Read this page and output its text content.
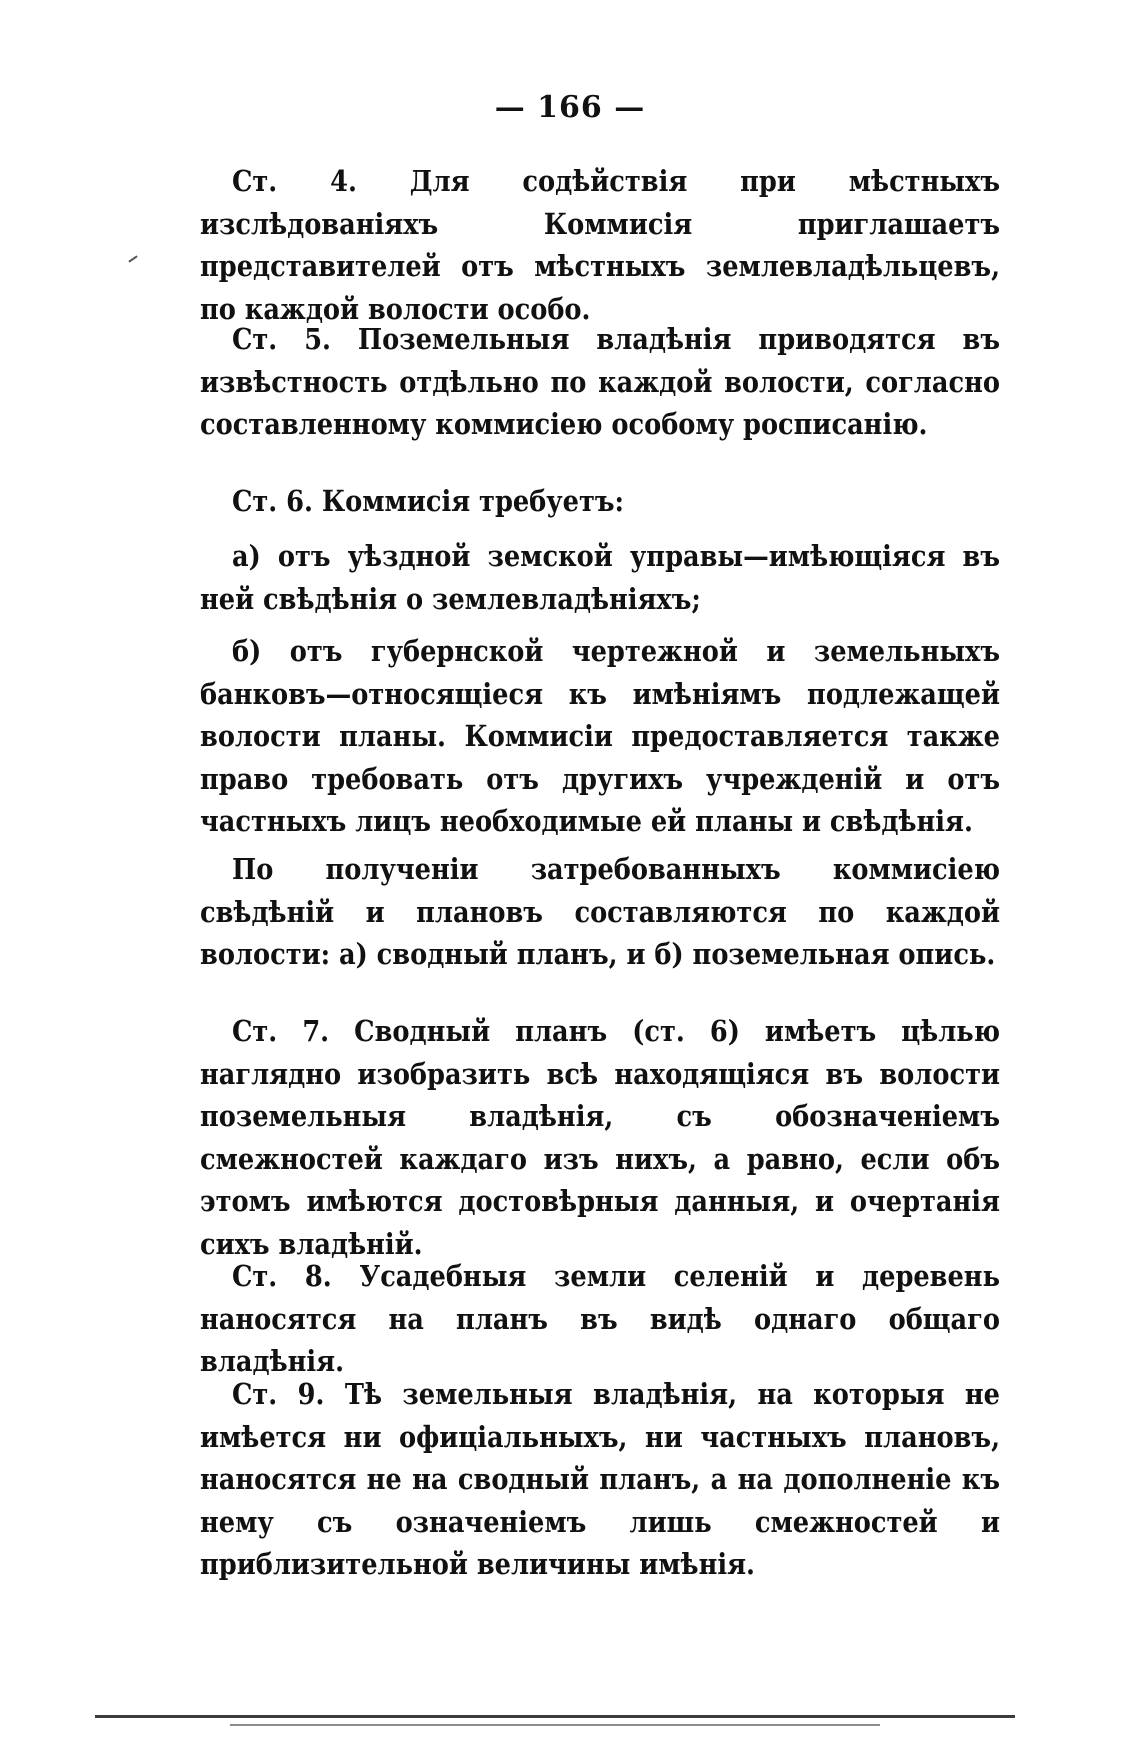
— 166 —
Ст. 4. Для содѣйствія при мѣстныхъ изслѣдованіяхъ Коммисія приглашаетъ представителей отъ мѣстныхъ землевладѣльцевъ, по каждой волости особо.
Ст. 5. Поземельныя владѣнія приводятся въ извѣстность отдѣльно по каждой волости, согласно составленному коммисіею особому росписанію.
Ст. 6. Коммисія требуетъ:
а) отъ уѣздной земской управы—имѣющіяся въ ней свѣдѣнія о землевладѣніяхъ;
б) отъ губернской чертежной и земельныхъ банковъ—относящіеся къ имѣніямъ подлежащей волости планы. Коммисіи предоставляется также право требовать отъ другихъ учрежденій и отъ частныхъ лицъ необходимые ей планы и свѣдѣнія.
По полученіи затребованныхъ коммисіею свѣдѣній и плановъ составляются по каждой волости: а) сводный планъ, и б) поземельная опись.
Ст. 7. Сводный планъ (ст. 6) имѣетъ цѣлью наглядно изобразить всѣ находящіяся въ волости поземельныя владѣнія, съ обозначеніемъ смежностей каждаго изъ нихъ, а равно, если объ этомъ имѣются достовѣрныя данныя, и очертанія сихъ владѣній.
Ст. 8. Усадебныя земли селеній и деревень наносятся на планъ въ видѣ однаго общаго владѣнія.
Ст. 9. Тѣ земельныя владѣнія, на которыя не имѣется ни офиціальныхъ, ни частныхъ плановъ, наносятся не на сводный планъ, а на дополненіе къ нему съ означеніемъ лишь смежностей и приблизительной величины имѣнія.
